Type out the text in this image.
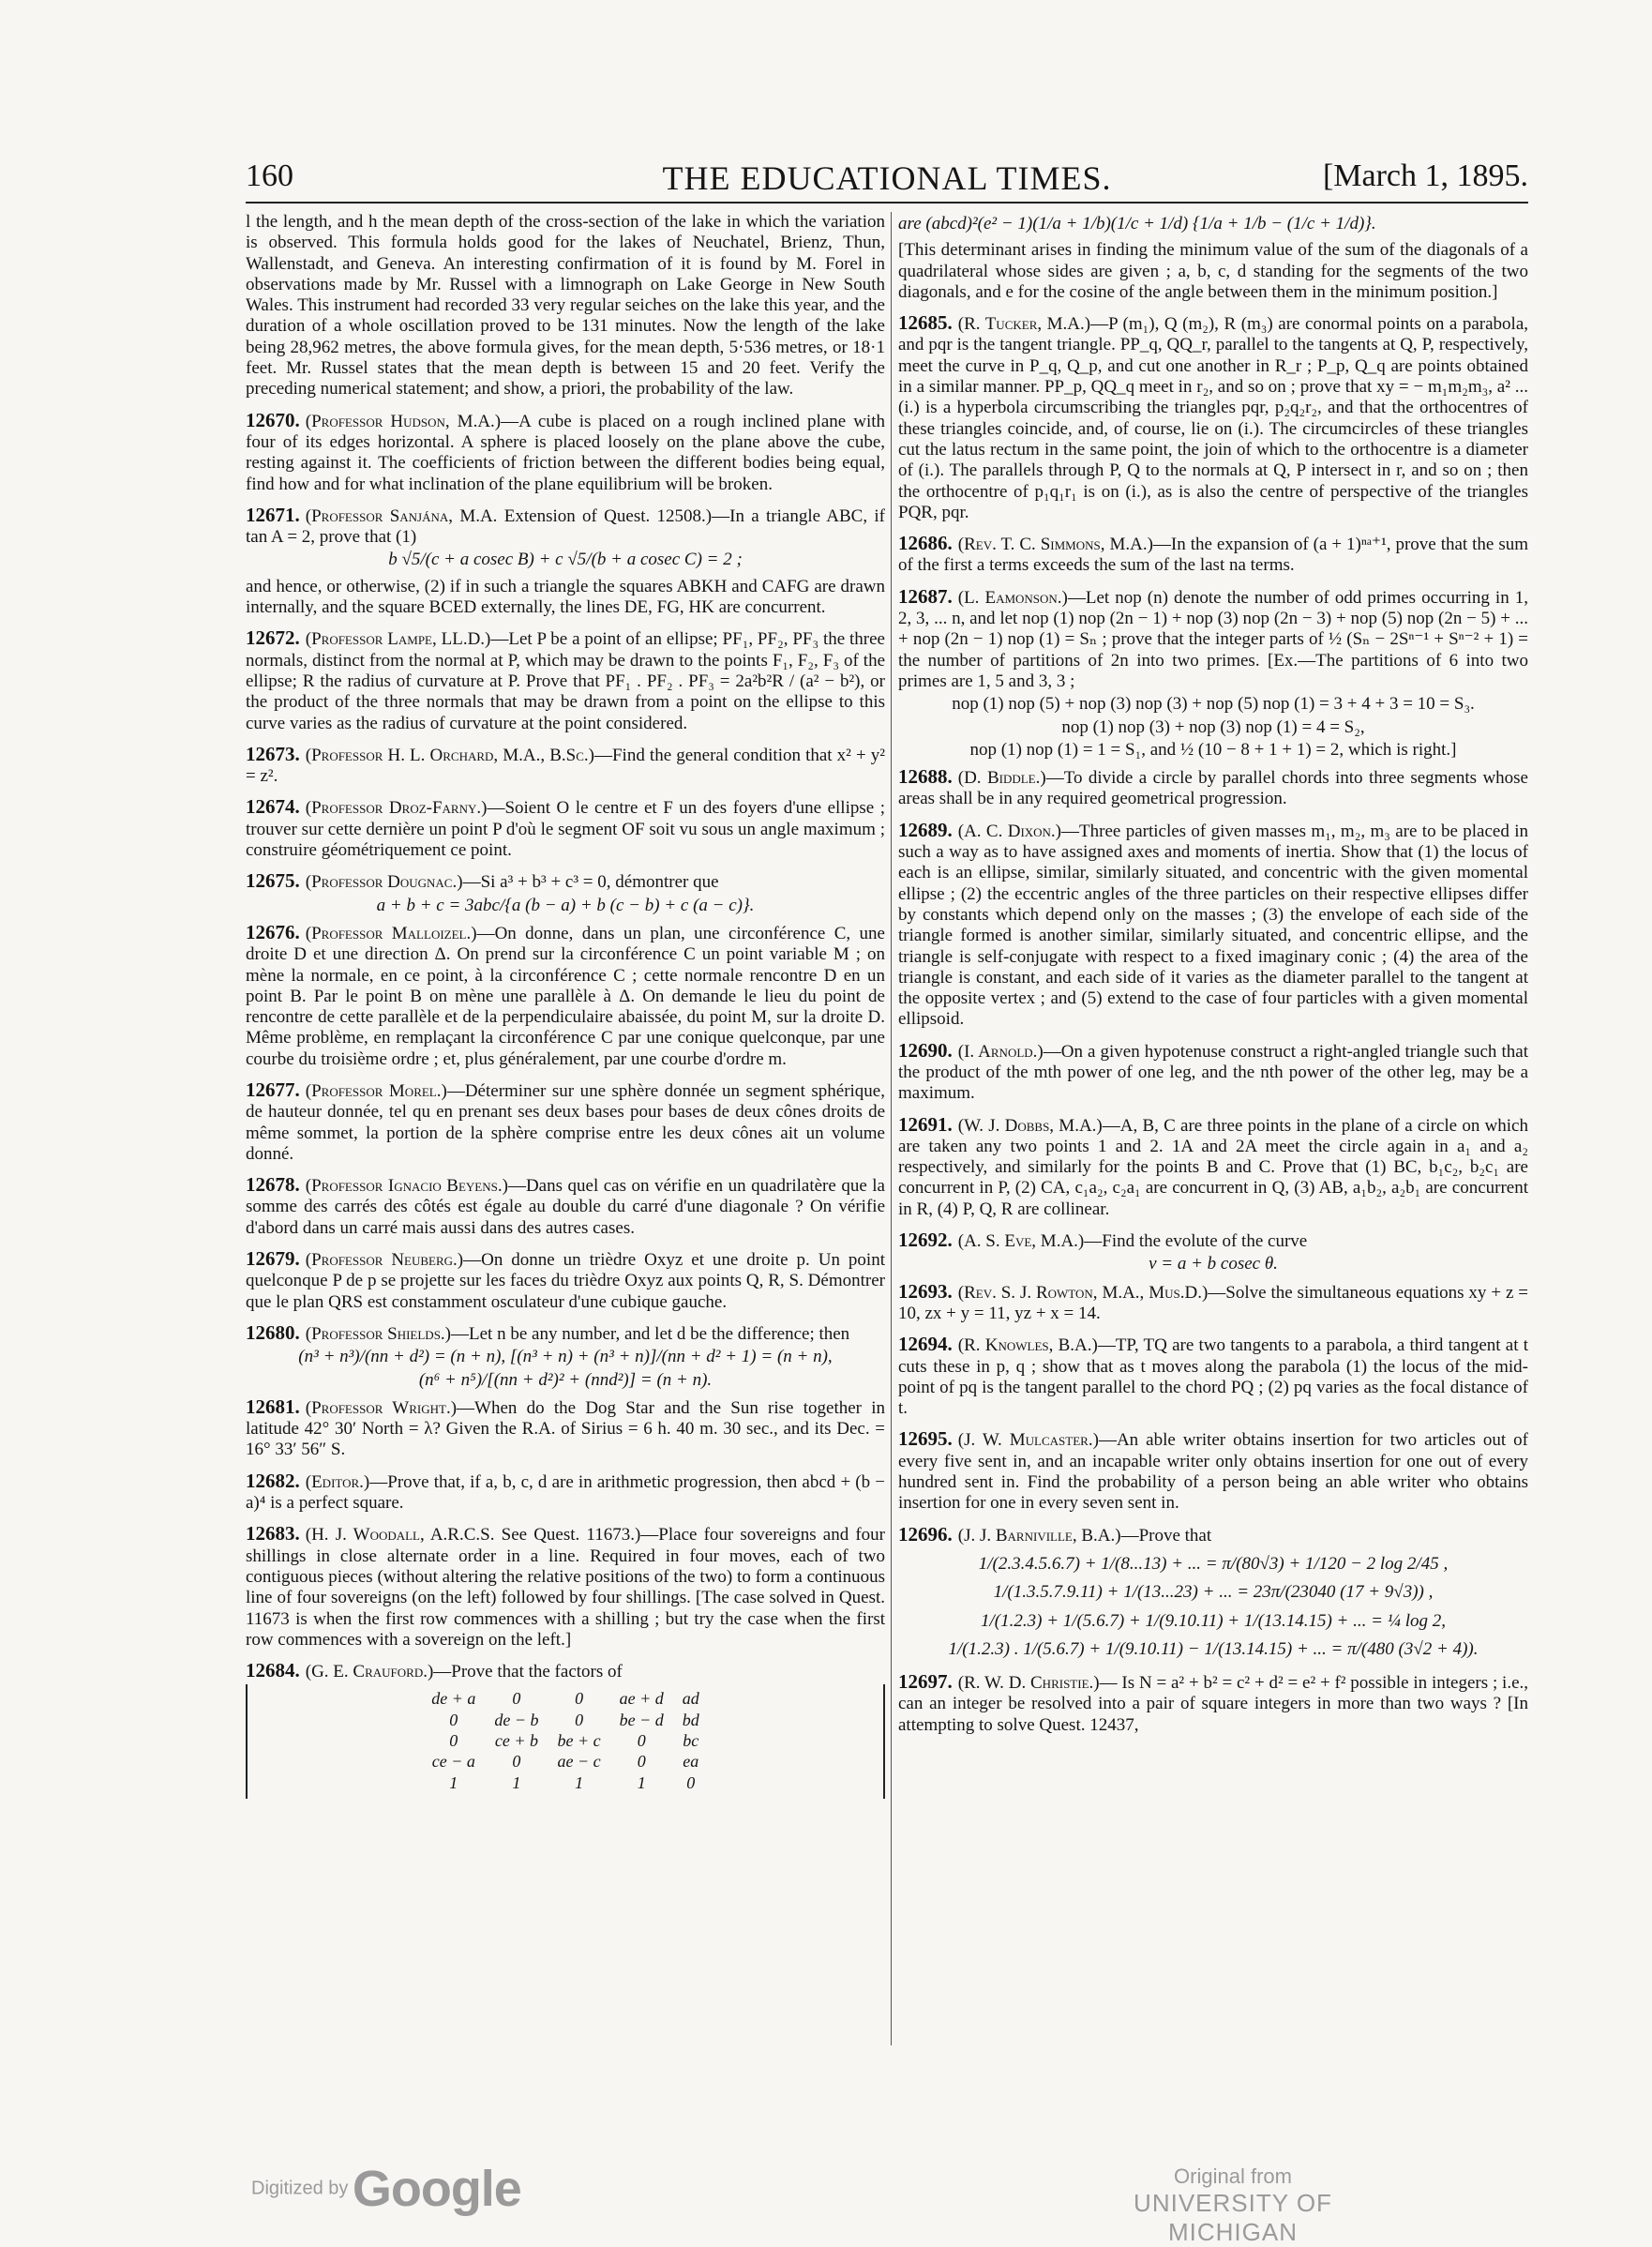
160	THE EDUCATIONAL TIMES.	[March 1, 1895.

l the length, and h the mean depth of the cross-section of the lake in which the variation is observed. This formula holds good for the lakes of Neuchatel, Brienz, Thun, Wallenstadt, and Geneva. An interesting confirmation of it is found by M. Forel in observations made by Mr. Russel with a limnograph on Lake George in New South Wales. This instrument had recorded 33 very regular seiches on the lake this year, and the duration of a whole oscillation proved to be 131 minutes. Now the length of the lake being 28,962 metres, the above formula gives, for the mean depth, 5·536 metres, or 18·1 feet. Mr. Russel states that the mean depth is between 15 and 20 feet. Verify the preceding numerical statement; and show, a priori, the probability of the law.

12670. (Professor Hudson, M.A.)—A cube is placed on a rough inclined plane with four of its edges horizontal. A sphere is placed loosely on the plane above the cube, resting against it. The coefficients of friction between the different bodies being equal, find how and for what inclination of the plane equilibrium will be broken.

12671. (Professor Sanjána, M.A. Extension of Quest. 12508.)—In a triangle ABC, if tan A = 2, prove that (1)

b √5/(c + a cosec B) + c √5/(b + a cosec C) = 2 ;

and hence, or otherwise, (2) if in such a triangle the squares ABKH and CAFG are drawn internally, and the square BCED externally, the lines DE, FG, HK are concurrent.

12672. (Professor Lampe, LL.D.)—Let P be a point of an ellipse; PF₁, PF₂, PF₃ the three normals, distinct from the normal at P, which may be drawn to the points F₁, F₂, F₃ of the ellipse; R the radius of curvature at P. Prove that PF₁ . PF₂ . PF₃ = 2a²b²R / (a² − b²), or the product of the three normals that may be drawn from a point on the ellipse to this curve varies as the radius of curvature at the point considered.

12673. (Professor H. L. Orchard, M.A., B.Sc.)—Find the general condition that x² + y² = z².

12674. (Professor Droz-Farny.)—Soient O le centre et F un des foyers d'une ellipse ; trouver sur cette dernière un point P d'où le segment OF soit vu sous un angle maximum ; construire géométriquement ce point.

12675. (Professor Dougnac.)—Si a³ + b³ + c³ = 0, démontrer que

a + b + c = 3abc/{a (b − a) + b (c − b) + c (a − c)}.

12676. (Professor Malloizel.)—On donne, dans un plan, une circonférence C, une droite D et une direction Δ. On prend sur la circonférence C un point variable M ; on mène la normale, en ce point, à la circonférence C ; cette normale rencontre D en un point B. Par le point B on mène une parallèle à Δ. On demande le lieu du point de rencontre de cette parallèle et de la perpendiculaire abaissée, du point M, sur la droite D. Même problème, en remplaçant la circonférence C par une conique quelconque, par une courbe du troisième ordre ; et, plus généralement, par une courbe d'ordre m.

12677. (Professor Morel.)—Déterminer sur une sphère donnée un segment sphérique, de hauteur donnée, tel qu en prenant ses deux bases pour bases de deux cônes droits de même sommet, la portion de la sphère comprise entre les deux cônes ait un volume donné.

12678. (Professor Ignacio Beyens.)—Dans quel cas on vérifie en un quadrilatère que la somme des carrés des côtés est égale au double du carré d'une diagonale ? On vérifie d'abord dans un carré mais aussi dans des autres cases.

12679. (Professor Neuberg.)—On donne un trièdre Oxyz et une droite p. Un point quelconque P de p se projette sur les faces du trièdre Oxyz aux points Q, R, S. Démontrer que le plan QRS est constamment osculateur d'une cubique gauche.

12680. (Professor Shields.)—Let n be any number, and let d be the difference; then

(n³ + n³)/(nn + d²) = (n + n), [(n³ + n) + (n³ + n)]/(nn + d² + 1) = (n + n),
(n⁶ + n⁵)/[(nn + d²)² + (nnd²)] = (n + n).

12681. (Professor Wright.)—When do the Dog Star and the Sun rise together in latitude 42° 30′ North = λ? Given the R.A. of Sirius = 6 h. 40 m. 30 sec., and its Dec. = 16° 33′ 56″ S.

12682. (Editor.)—Prove that, if a, b, c, d are in arithmetic progression, then abcd + (b − a)⁴ is a perfect square.

12683. (H. J. Woodall, A.R.C.S. See Quest. 11673.)—Place four sovereigns and four shillings in close alternate order in a line. Required in four moves, each of two contiguous pieces (without altering the relative positions of the two) to form a continuous line of four sovereigns (on the left) followed by four shillings. [The case solved in Quest. 11673 is when the first row commences with a shilling ; but try the case when the first row commences with a sovereign on the left.]

12684. (G. E. Crauford.)—Prove that the factors of

de + a	0	0	ae + d	ad
0	de − b	0	be − d	bd
0	ce + b	be + c	0	bc
ce − a	0	ae − c	0	ea
1	1	1	1	0
are (abcd)²(e² − 1)(1/a + 1/b)(1/c + 1/d) {1/a + 1/b − (1/c + 1/d)}.

[This determinant arises in finding the minimum value of the sum of the diagonals of a quadrilateral whose sides are given ; a, b, c, d standing for the segments of the two diagonals, and e for the cosine of the angle between them in the minimum position.]

12685. (R. Tucker, M.A.)—P (m₁), Q (m₂), R (m₃) are conormal points on a parabola, and pqr is the tangent triangle. PP_q, QQ_r, parallel to the tangents at Q, P, respectively, meet the curve in P_q, Q_p, and cut one another in R_r ; P_p, Q_q are points obtained in a similar manner. PP_p, QQ_q meet in r₂, and so on ; prove that xy = − m₁m₂m₃, a² ...(i.) is a hyperbola circumscribing the triangles pqr, p₂q₂r₂, and that the orthocentres of these triangles coincide, and, of course, lie on (i.). The circumcircles of these triangles cut the latus rectum in the same point, the join of which to the orthocentre is a diameter of (i.). The parallels through P, Q to the normals at Q, P intersect in r, and so on ; then the orthocentre of p₁q₁r₁ is on (i.), as is also the centre of perspective of the triangles PQR, pqr.

12686. (Rev. T. C. Simmons, M.A.)—In the expansion of (a + 1)ⁿᵃ⁺¹, prove that the sum of the first a terms exceeds the sum of the last na terms.

12687. (L. Eamonson.)—Let nop (n) denote the number of odd primes occurring in 1, 2, 3, ... n, and let nop (1) nop (2n − 1) + nop (3) nop (2n − 3) + nop (5) nop (2n − 5) + ... + nop (2n − 1) nop (1) = Sₙ ; prove that the integer parts of ½ (Sₙ − 2Sⁿ⁻¹ + Sⁿ⁻² + 1) = the number of partitions of 2n into two primes. [Ex.—The partitions of 6 into two primes are 1, 5 and 3, 3 ;

nop (1) nop (5) + nop (3) nop (3) + nop (5) nop (1) = 3 + 4 + 3 = 10 = S₃.
nop (1) nop (3) + nop (3) nop (1) = 4 = S₂,
nop (1) nop (1) = 1 = S₁, and ½ (10 − 8 + 1 + 1) = 2, which is right.]

12688. (D. Biddle.)—To divide a circle by parallel chords into three segments whose areas shall be in any required geometrical progression.

12689. (A. C. Dixon.)—Three particles of given masses m₁, m₂, m₃ are to be placed in such a way as to have assigned axes and moments of inertia. Show that (1) the locus of each is an ellipse, similar, similarly situated, and concentric with the given momental ellipse ; (2) the eccentric angles of the three particles on their respective ellipses differ by constants which depend only on the masses ; (3) the envelope of each side of the triangle formed is another similar, similarly situated, and concentric ellipse, and the triangle is self-conjugate with respect to a fixed imaginary conic ; (4) the area of the triangle is constant, and each side of it varies as the diameter parallel to the tangent at the opposite vertex ; and (5) extend to the case of four particles with a given momental ellipsoid.

12690. (I. Arnold.)—On a given hypotenuse construct a right-angled triangle such that the product of the mth power of one leg, and the nth power of the other leg, may be a maximum.

12691. (W. J. Dobbs, M.A.)—A, B, C are three points in the plane of a circle on which are taken any two points 1 and 2. 1A and 2A meet the circle again in a₁ and a₂ respectively, and similarly for the points B and C. Prove that (1) BC, b₁c₂, b₂c₁ are concurrent in P, (2) CA, c₁a₂, c₂a₁ are concurrent in Q, (3) AB, a₁b₂, a₂b₁ are concurrent in R, (4) P, Q, R are collinear.

12692. (A. S. Eve, M.A.)—Find the evolute of the curve

v = a + b cosec θ.

12693. (Rev. S. J. Rowton, M.A., Mus.D.)—Solve the simultaneous equations xy + z = 10, zx + y = 11, yz + x = 14.

12694. (R. Knowles, B.A.)—TP, TQ are two tangents to a parabola, a third tangent at t cuts these in p, q ; show that as t moves along the parabola (1) the locus of the mid-point of pq is the tangent parallel to the chord PQ ; (2) pq varies as the focal distance of t.

12695. (J. W. Mulcaster.)—An able writer obtains insertion for two articles out of every five sent in, and an incapable writer only obtains insertion for one out of every hundred sent in. Find the probability of a person being an able writer who obtains insertion for one in every seven sent in.

12696. (J. J. Barniville, B.A.)—Prove that

1/(2.3.4.5.6.7) + 1/(8...13) + ... = π/(80√3) + 1/120 − 2 log 2/45 ,
1/(1.3.5.7.9.11) + 1/(13...23) + ... = 23π/(23040 (17 + 9√3)) ,
1/(1.2.3) + 1/(5.6.7) + 1/(9.10.11) + 1/(13.14.15) + ... = ¼ log 2,
1/(1.2.3) . 1/(5.6.7) + 1/(9.10.11) − 1/(13.14.15) + ... = π/(480 (3√2 + 4)).

12697. (R. W. D. Christie.)— Is N = a² + b² = c² + d² = e² + f² possible in integers ; i.e., can an integer be resolved into a pair of square integers in more than two ways ? [In attempting to solve Quest. 12437,

Digitized by Google	Original from
UNIVERSITY OF MICHIGAN
